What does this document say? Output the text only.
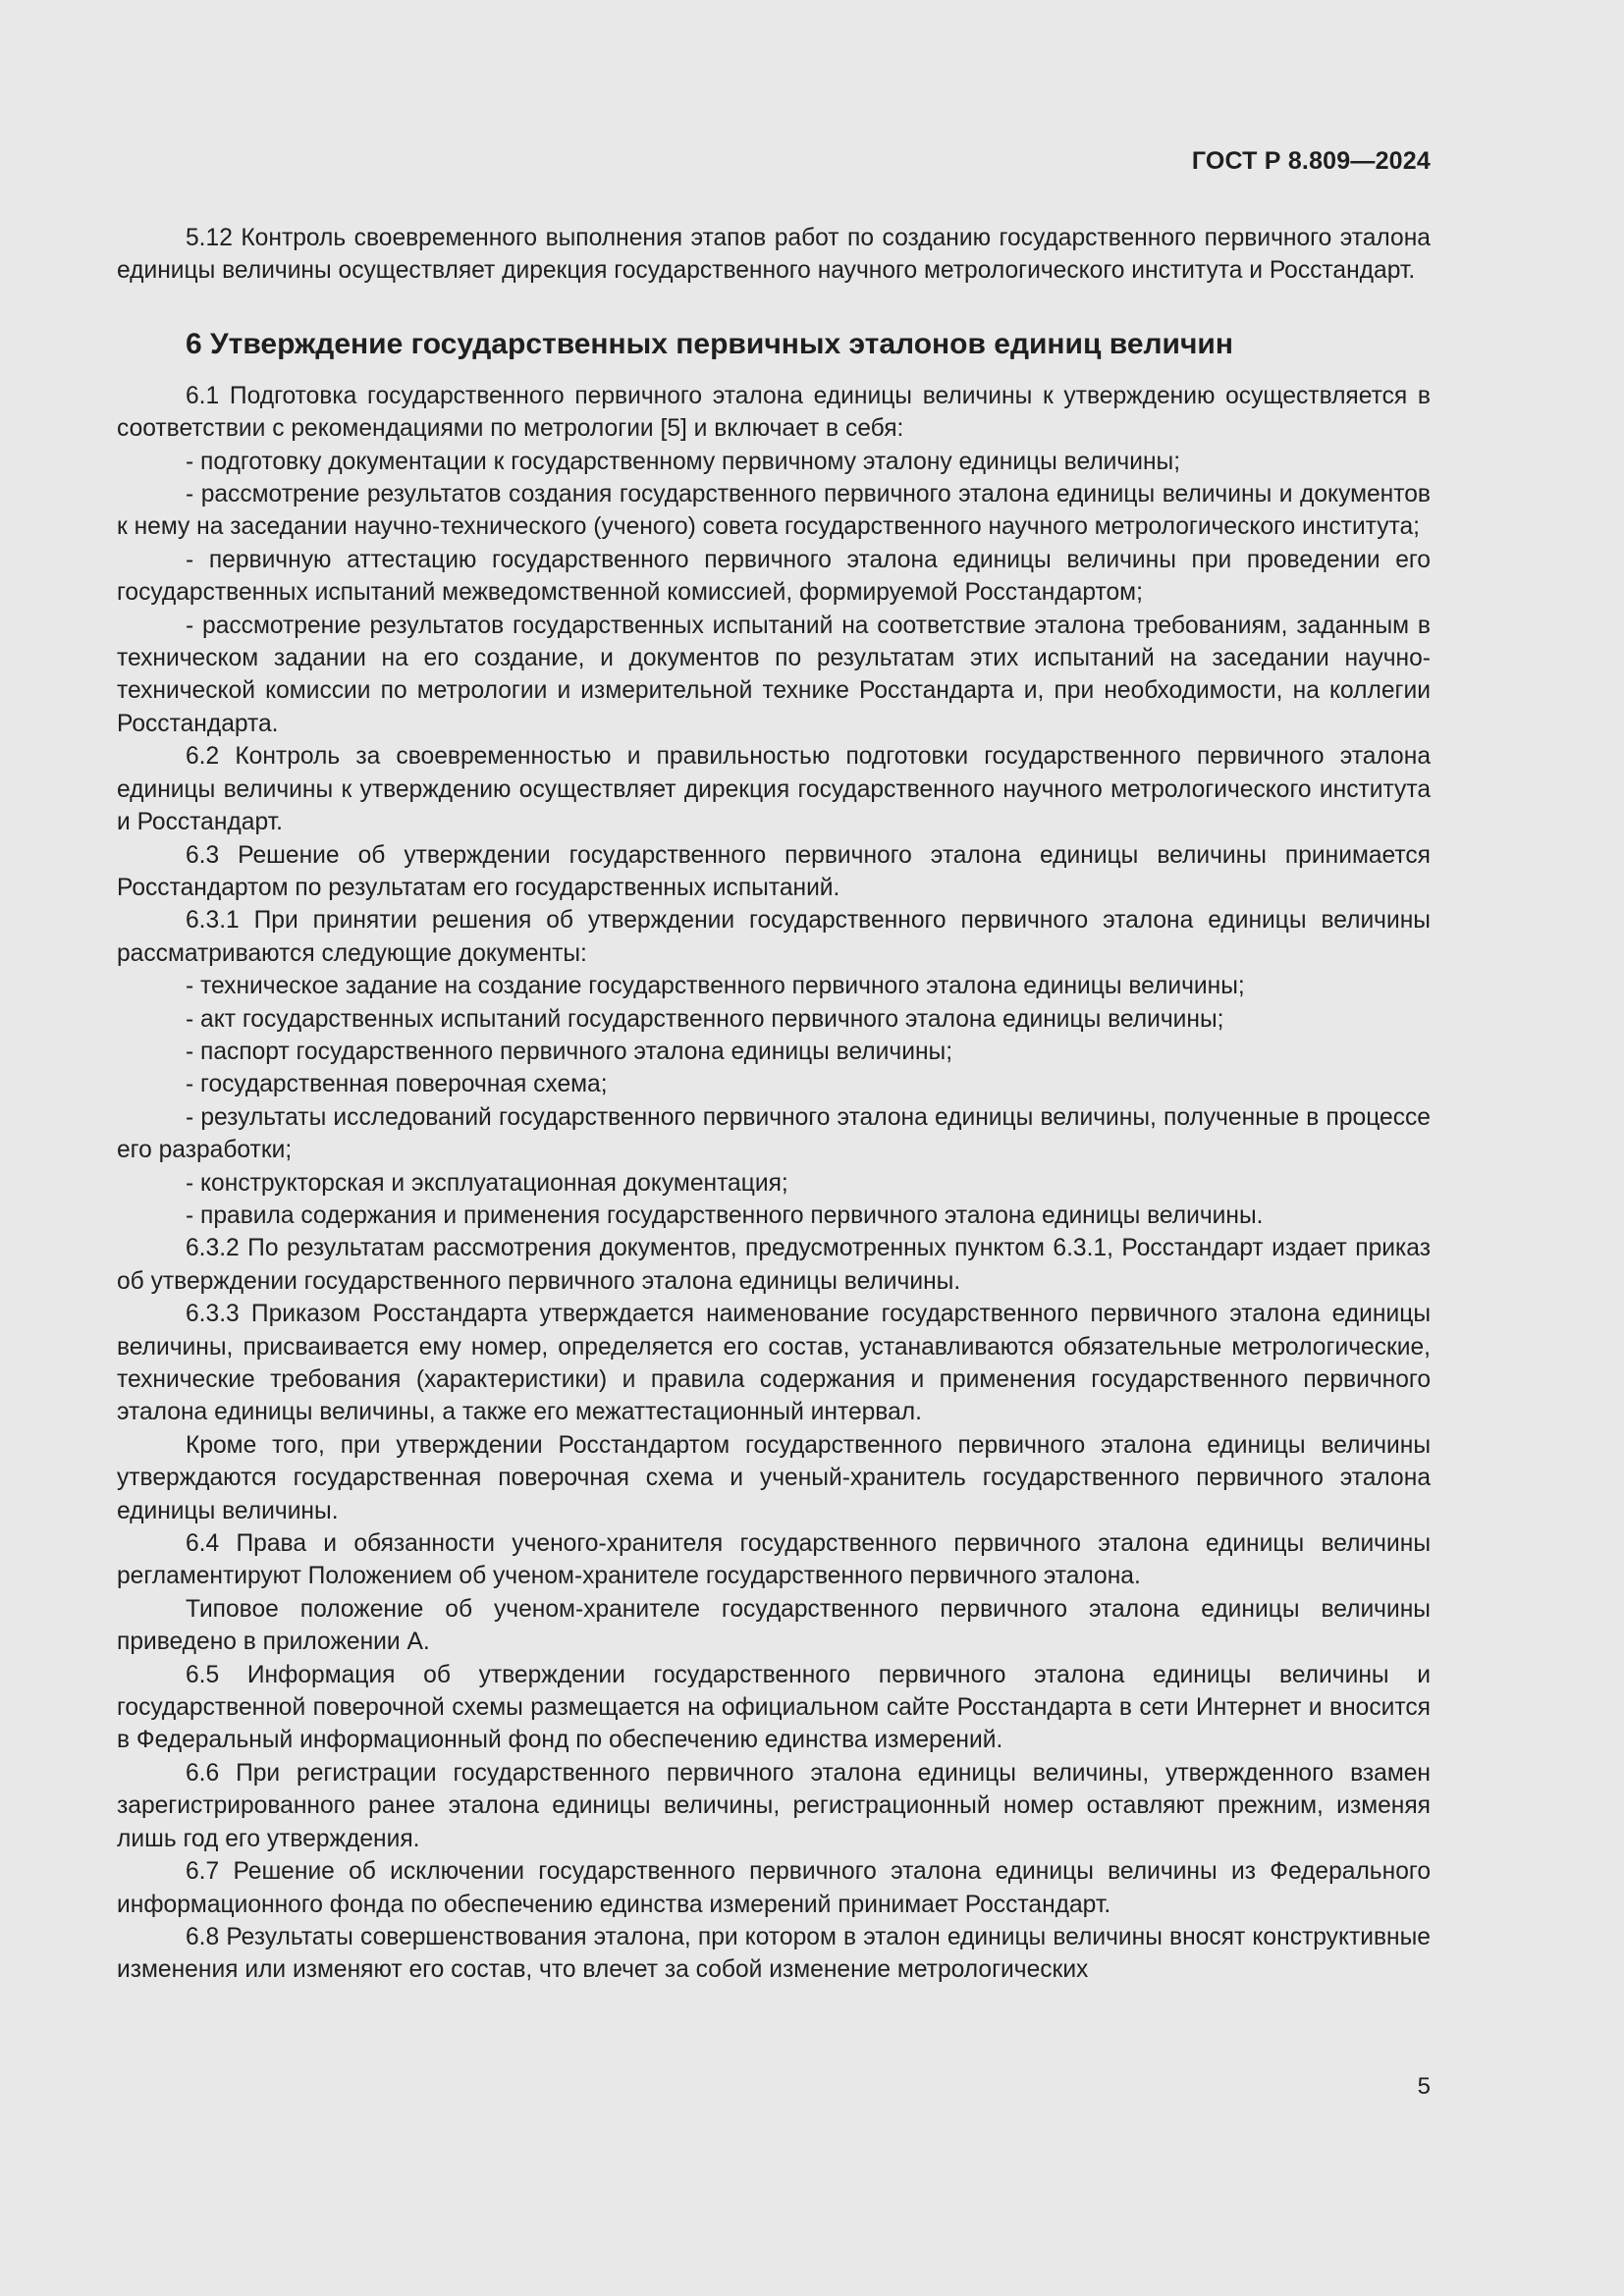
ГОСТ Р 8.809—2024

5.12 Контроль своевременного выполнения этапов работ по созданию государственного первичного эталона единицы величины осуществляет дирекция государственного научного метрологического института и Росстандарт.

6 Утверждение государственных первичных эталонов единиц величин

6.1 Подготовка государственного первичного эталона единицы величины к утверждению осуществляется в соответствии с рекомендациями по метрологии [5] и включает в себя:

- подготовку документации к государственному первичному эталону единицы величины;

- рассмотрение результатов создания государственного первичного эталона единицы величины и документов к нему на заседании научно-технического (ученого) совета государственного научного метрологического института;

- первичную аттестацию государственного первичного эталона единицы величины при проведении его государственных испытаний межведомственной комиссией, формируемой Росстандартом;

- рассмотрение результатов государственных испытаний на соответствие эталона требованиям, заданным в техническом задании на его создание, и документов по результатам этих испытаний на заседании научно-технической комиссии по метрологии и измерительной технике Росстандарта и, при необходимости, на коллегии Росстандарта.

6.2 Контроль за своевременностью и правильностью подготовки государственного первичного эталона единицы величины к утверждению осуществляет дирекция государственного научного метрологического института и Росстандарт.

6.3 Решение об утверждении государственного первичного эталона единицы величины принимается Росстандартом по результатам его государственных испытаний.

6.3.1 При принятии решения об утверждении государственного первичного эталона единицы величины рассматриваются следующие документы:

- техническое задание на создание государственного первичного эталона единицы величины;

- акт государственных испытаний государственного первичного эталона единицы величины;

- паспорт государственного первичного эталона единицы величины;

- государственная поверочная схема;

- результаты исследований государственного первичного эталона единицы величины, полученные в процессе его разработки;

- конструкторская и эксплуатационная документация;

- правила содержания и применения государственного первичного эталона единицы величины.

6.3.2 По результатам рассмотрения документов, предусмотренных пунктом 6.3.1, Росстандарт издает приказ об утверждении государственного первичного эталона единицы величины.

6.3.3 Приказом Росстандарта утверждается наименование государственного первичного эталона единицы величины, присваивается ему номер, определяется его состав, устанавливаются обязательные метрологические, технические требования (характеристики) и правила содержания и применения государственного первичного эталона единицы величины, а также его межаттестационный интервал.

Кроме того, при утверждении Росстандартом государственного первичного эталона единицы величины утверждаются государственная поверочная схема и ученый-хранитель государственного первичного эталона единицы величины.

6.4 Права и обязанности ученого-хранителя государственного первичного эталона единицы величины регламентируют Положением об ученом-хранителе государственного первичного эталона.

Типовое положение об ученом-хранителе государственного первичного эталона единицы величины приведено в приложении А.

6.5 Информация об утверждении государственного первичного эталона единицы величины и государственной поверочной схемы размещается на официальном сайте Росстандарта в сети Интернет и вносится в Федеральный информационный фонд по обеспечению единства измерений.

6.6 При регистрации государственного первичного эталона единицы величины, утвержденного взамен зарегистрированного ранее эталона единицы величины, регистрационный номер оставляют прежним, изменяя лишь год его утверждения.

6.7 Решение об исключении государственного первичного эталона единицы величины из Федерального информационного фонда по обеспечению единства измерений принимает Росстандарт.

6.8 Результаты совершенствования эталона, при котором в эталон единицы величины вносят конструктивные изменения или изменяют его состав, что влечет за собой изменение метрологических

5
